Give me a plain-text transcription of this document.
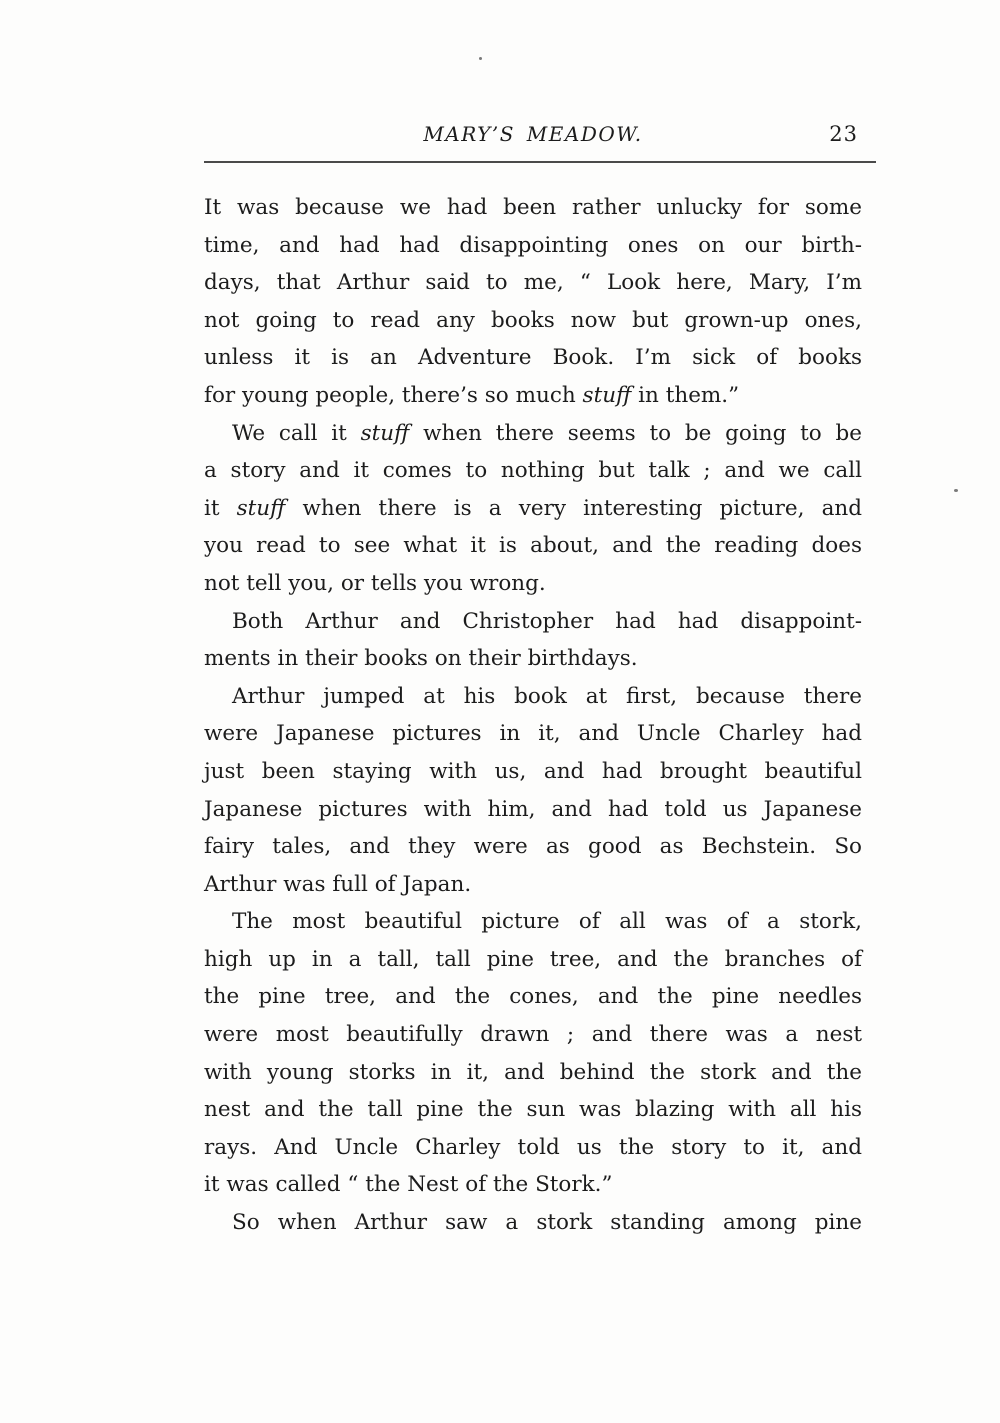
MARY’S MEADOW.	23
It was because we had been rather unlucky for some
time, and had had disappointing ones on our birth-
days, that Arthur said to me, “ Look here, Mary, I’m
not going to read any books now but grown-up ones,
unless it is an Adventure Book. I’m sick of books
for young people, there’s so much stuff in them.”
We call it stuff when there seems to be going to be
a story and it comes to nothing but talk ; and we call
it stuff when there is a very interesting picture, and
you read to see what it is about, and the reading does
not tell you, or tells you wrong.
Both Arthur and Christopher had had disappoint-
ments in their books on their birthdays.
Arthur jumped at his book at first, because there
were Japanese pictures in it, and Uncle Charley had
just been staying with us, and had brought beautiful
Japanese pictures with him, and had told us Japanese
fairy tales, and they were as good as Bechstein. So
Arthur was full of Japan.
The most beautiful picture of all was of a stork,
high up in a tall, tall pine tree, and the branches of
the pine tree, and the cones, and the pine needles
were most beautifully drawn ; and there was a nest
with young storks in it, and behind the stork and the
nest and the tall pine the sun was blazing with all his
rays. And Uncle Charley told us the story to it, and
it was called “ the Nest of the Stork.”
So when Arthur saw a stork standing among pine
